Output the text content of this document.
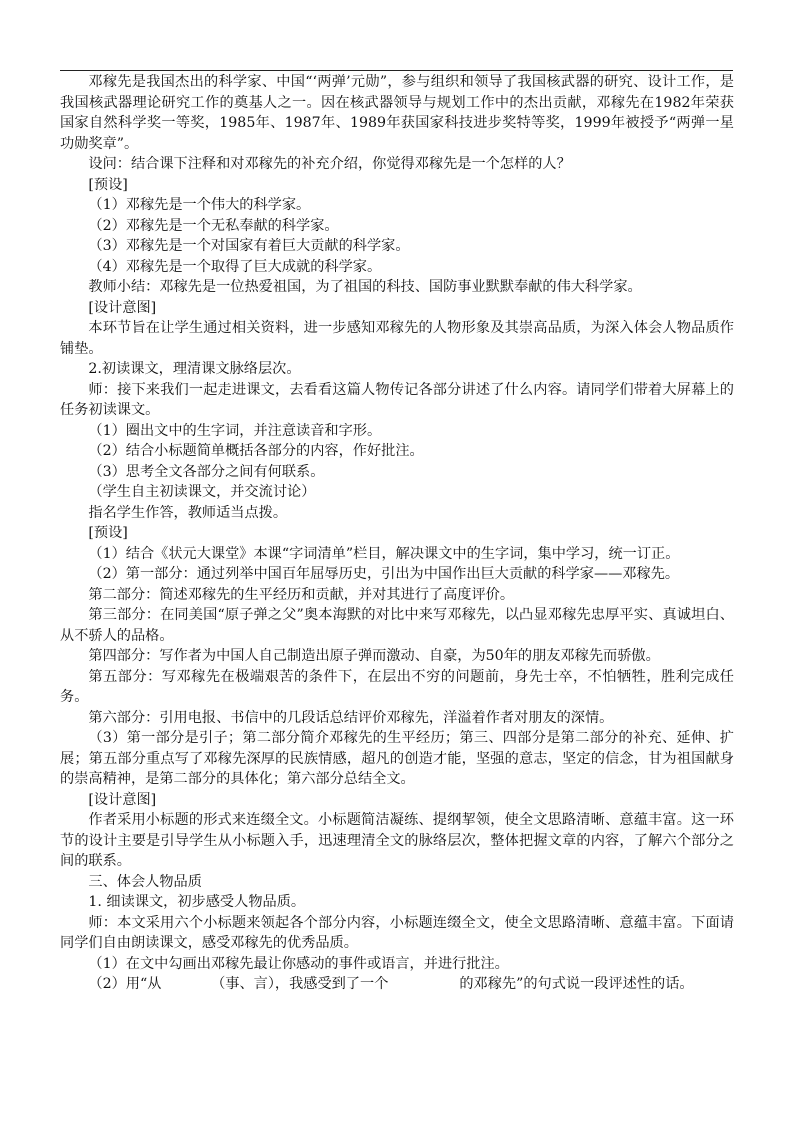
邓稼先是我国杰出的科学家、中国“‘两弹’元勋”，参与组织和领导了我国核武器的研究、设计工作，是我国核武器理论研究工作的奠基人之一。因在核武器领导与规划工作中的杰出贡献，邓稼先在1982年荣获国家自然科学奖一等奖，1985年、1987年、1989年获国家科技进步奖特等奖，1999年被授予“两弹一星功勋奖章”。

设问：结合课下注释和对邓稼先的补充介绍，你觉得邓稼先是一个怎样的人？

[预设]

（1）邓稼先是一个伟大的科学家。

（2）邓稼先是一个无私奉献的科学家。

（3）邓稼先是一个对国家有着巨大贡献的科学家。

（4）邓稼先是一个取得了巨大成就的科学家。

教师小结：邓稼先是一位热爱祖国，为了祖国的科技、国防事业默默奉献的伟大科学家。

[设计意图]

本环节旨在让学生通过相关资料，进一步感知邓稼先的人物形象及其崇高品质，为深入体会人物品质作铺垫。

2.初读课文，理清课文脉络层次。

师：接下来我们一起走进课文，去看看这篇人物传记各部分讲述了什么内容。请同学们带着大屏幕上的任务初读课文。

（1）圈出文中的生字词，并注意读音和字形。

（2）结合小标题简单概括各部分的内容，作好批注。

（3）思考全文各部分之间有何联系。

（学生自主初读课文，并交流讨论）

指名学生作答，教师适当点拨。

[预设]

（1）结合《状元大课堂》本课“字词清单”栏目，解决课文中的生字词，集中学习，统一订正。

（2）第一部分：通过列举中国百年屈辱历史，引出为中国作出巨大贡献的科学家——邓稼先。

第二部分：简述邓稼先的生平经历和贡献，并对其进行了高度评价。

第三部分：在同美国“原子弹之父”奥本海默的对比中来写邓稼先，以凸显邓稼先忠厚平实、真诚坦白、从不骄人的品格。

第四部分：写作者为中国人自己制造出原子弹而激动、自豪，为50年的朋友邓稼先而骄傲。

第五部分：写邓稼先在极端艰苦的条件下，在层出不穷的问题前，身先士卒，不怕牺牲，胜利完成任务。

第六部分：引用电报、书信中的几段话总结评价邓稼先，洋溢着作者对朋友的深情。

（3）第一部分是引子；第二部分简介邓稼先的生平经历；第三、四部分是第二部分的补充、延伸、扩展；第五部分重点写了邓稼先深厚的民族情感，超凡的创造才能，坚强的意志，坚定的信念，甘为祖国献身的崇高精神，是第二部分的具体化；第六部分总结全文。

[设计意图]

作者采用小标题的形式来连缀全文。小标题简洁凝练、提纲挈领，使全文思路清晰、意蕴丰富。这一环节的设计主要是引导学生从小标题入手，迅速理清全文的脉络层次，整体把握文章的内容，了解六个部分之间的联系。

三、体会人物品质

1. 细读课文，初步感受人物品质。

师：本文采用六个小标题来领起各个部分内容，小标题连缀全文，使全文思路清晰、意蕴丰富。下面请同学们自由朗读课文，感受邓稼先的优秀品质。

（1）在文中勾画出邓稼先最让你感动的事件或语言，并进行批注。

（2）用“从　　　　（事、言），我感受到了一个　　　　　的邓稼先”的句式说一段评述性的话。
